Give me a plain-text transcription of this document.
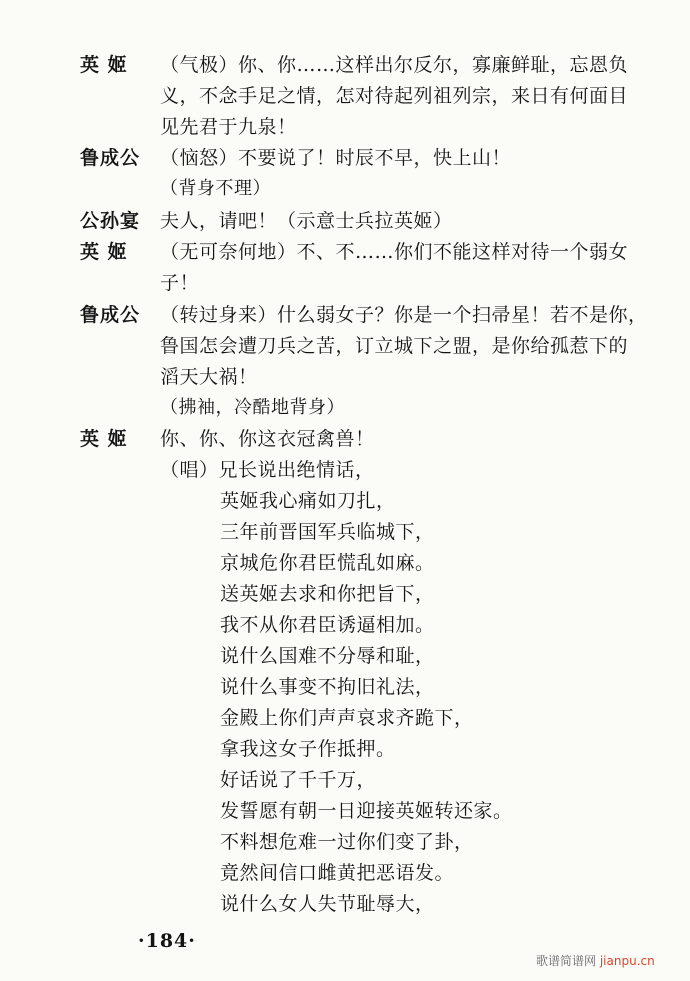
英 姬 （气极）你、你……这样出尔反尔，寡廉鲜耻，忘恩负
义，不念手足之情，怎对待起列祖列宗，来日有何面目
见先君于九泉！
鲁成公 （恼怒）不要说了！时辰不早，快上山！
（背身不理）
公孙宴 夫人，请吧！（示意士兵拉英姬）
英 姬 （无可奈何地）不、不……你们不能这样对待一个弱女
子！
鲁成公 （转过身来）什么弱女子？你是一个扫帚星！若不是你，
鲁国怎会遭刀兵之苦，订立城下之盟，是你给孤惹下的
滔天大祸！
（拂袖，冷酷地背身）
英 姬 你、你、你这衣冠禽兽！
（唱）兄长说出绝情话，
英姬我心痛如刀扎，
三年前晋国军兵临城下，
京城危你君臣慌乱如麻。
送英姬去求和你把旨下，
我不从你君臣诱逼相加。
说什么国难不分辱和耻，
说什么事变不拘旧礼法，
金殿上你们声声哀求齐跪下，
拿我这女子作抵押。
好话说了千千万，
发誓愿有朝一日迎接英姬转还家。
不料想危难一过你们变了卦，
竟然间信口雌黄把恶语发。
说什么女人失节耻辱大，
·184·
歌谱简谱网 jianpu.cn
